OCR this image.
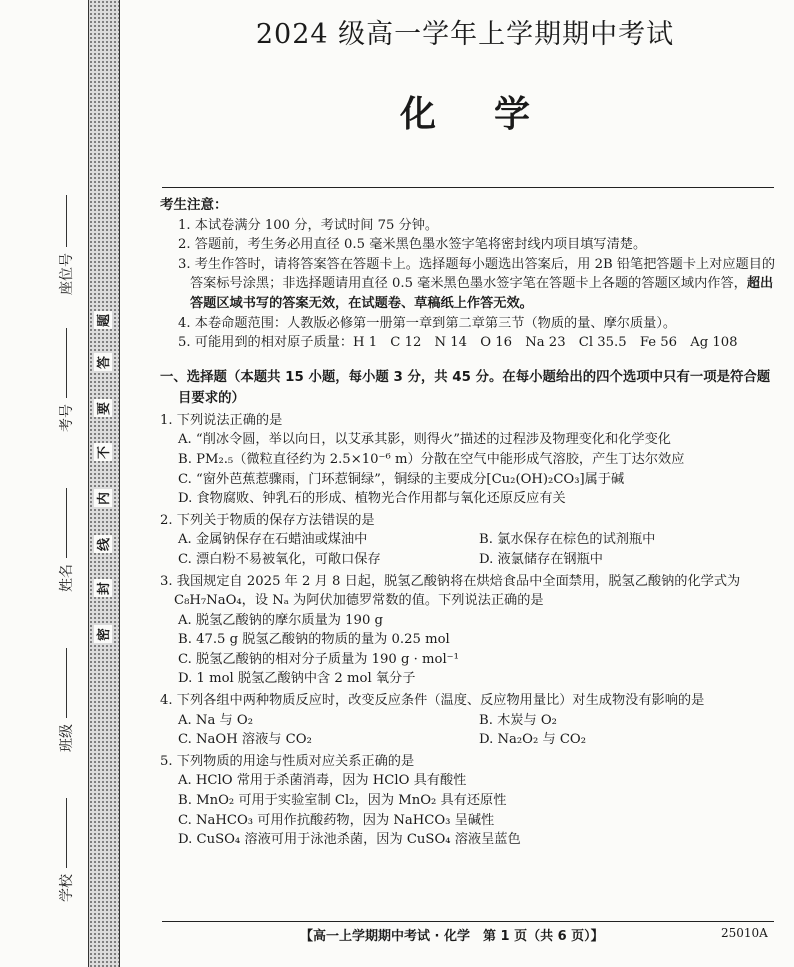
座位号
考号
姓名
班级
学校
题
答
要
不
内
线
封
密
2024 级高一学年上学期期中考试
化学
考生注意：
1. 本试卷满分 100 分，考试时间 75 分钟。
2. 答题前，考生务必用直径 0.5 毫米黑色墨水签字笔将密封线内项目填写清楚。
3. 考生作答时，请将答案答在答题卡上。选择题每小题选出答案后，用 2B 铅笔把答题卡上对应题目的答案标号涂黑；非选择题请用直径 0.5 毫米黑色墨水签字笔在答题卡上各题的答题区域内作答，超出答题区域书写的答案无效，在试题卷、草稿纸上作答无效。
4. 本卷命题范围：人教版必修第一册第一章到第二章第三节（物质的量、摩尔质量）。
5. 可能用到的相对原子质量：H 1　C 12　N 14　O 16　Na 23　Cl 35.5　Fe 56　Ag 108
一、选择题（本题共 15 小题，每小题 3 分，共 45 分。在每小题给出的四个选项中只有一项是符合题目要求的）
1. 下列说法正确的是
A. “削冰令圆，举以向日，以艾承其影，则得火”描述的过程涉及物理变化和化学变化
B. PM₂.₅（微粒直径约为 2.5×10⁻⁶ m）分散在空气中能形成气溶胶，产生丁达尔效应
C. “窗外芭蕉惹骤雨，门环惹铜绿”，铜绿的主要成分[Cu₂(OH)₂CO₃]属于碱
D. 食物腐败、钟乳石的形成、植物光合作用都与氧化还原反应有关
2. 下列关于物质的保存方法错误的是
A. 金属钠保存在石蜡油或煤油中	B. 氯水保存在棕色的试剂瓶中
C. 漂白粉不易被氧化，可敞口保存	D. 液氯储存在钢瓶中
3. 我国规定自 2025 年 2 月 8 日起，脱氢乙酸钠将在烘焙食品中全面禁用，脱氢乙酸钠的化学式为 C₈H₇NaO₄，设 Nₐ 为阿伏加德罗常数的值。下列说法正确的是
A. 脱氢乙酸钠的摩尔质量为 190 g
B. 47.5 g 脱氢乙酸钠的物质的量为 0.25 mol
C. 脱氢乙酸钠的相对分子质量为 190 g · mol⁻¹
D. 1 mol 脱氢乙酸钠中含 2 mol 氧分子
4. 下列各组中两种物质反应时，改变反应条件（温度、反应物用量比）对生成物没有影响的是
A. Na 与 O₂	B. 木炭与 O₂
C. NaOH 溶液与 CO₂	D. Na₂O₂ 与 CO₂
5. 下列物质的用途与性质对应关系正确的是
A. HClO 常用于杀菌消毒，因为 HClO 具有酸性
B. MnO₂ 可用于实验室制 Cl₂，因为 MnO₂ 具有还原性
C. NaHCO₃ 可用作抗酸药物，因为 NaHCO₃ 呈碱性
D. CuSO₄ 溶液可用于泳池杀菌，因为 CuSO₄ 溶液呈蓝色
【高一上学期期中考试 · 化学　第 1 页（共 6 页）】	25010A
